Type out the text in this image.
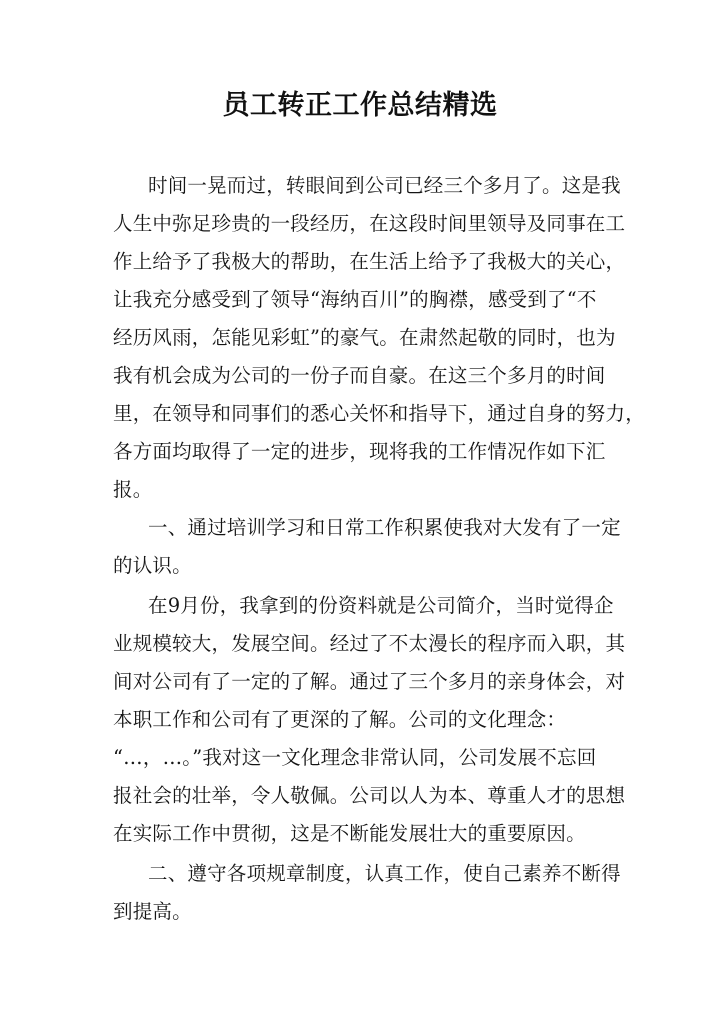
员工转正工作总结精选
时间一晃而过，转眼间到公司已经三个多月了。这是我
人生中弥足珍贵的一段经历，在这段时间里领导及同事在工
作上给予了我极大的帮助，在生活上给予了我极大的关心，
让我充分感受到了领导“海纳百川”的胸襟，感受到了“不
经历风雨，怎能见彩虹”的豪气。在肃然起敬的同时，也为
我有机会成为公司的一份子而自豪。在这三个多月的时间
里，在领导和同事们的悉心关怀和指导下，通过自身的努力，
各方面均取得了一定的进步，现将我的工作情况作如下汇
报。
一、通过培训学习和日常工作积累使我对大发有了一定
的认识。
在9月份，我拿到的份资料就是公司简介，当时觉得企
业规模较大，发展空间。经过了不太漫长的程序而入职，其
间对公司有了一定的了解。通过了三个多月的亲身体会，对
本职工作和公司有了更深的了解。公司的文化理念：
“…，…。”我对这一文化理念非常认同，公司发展不忘回
报社会的壮举，令人敬佩。公司以人为本、尊重人才的思想
在实际工作中贯彻，这是不断能发展壮大的重要原因。
二、遵守各项规章制度，认真工作，使自己素养不断得
到提高。
